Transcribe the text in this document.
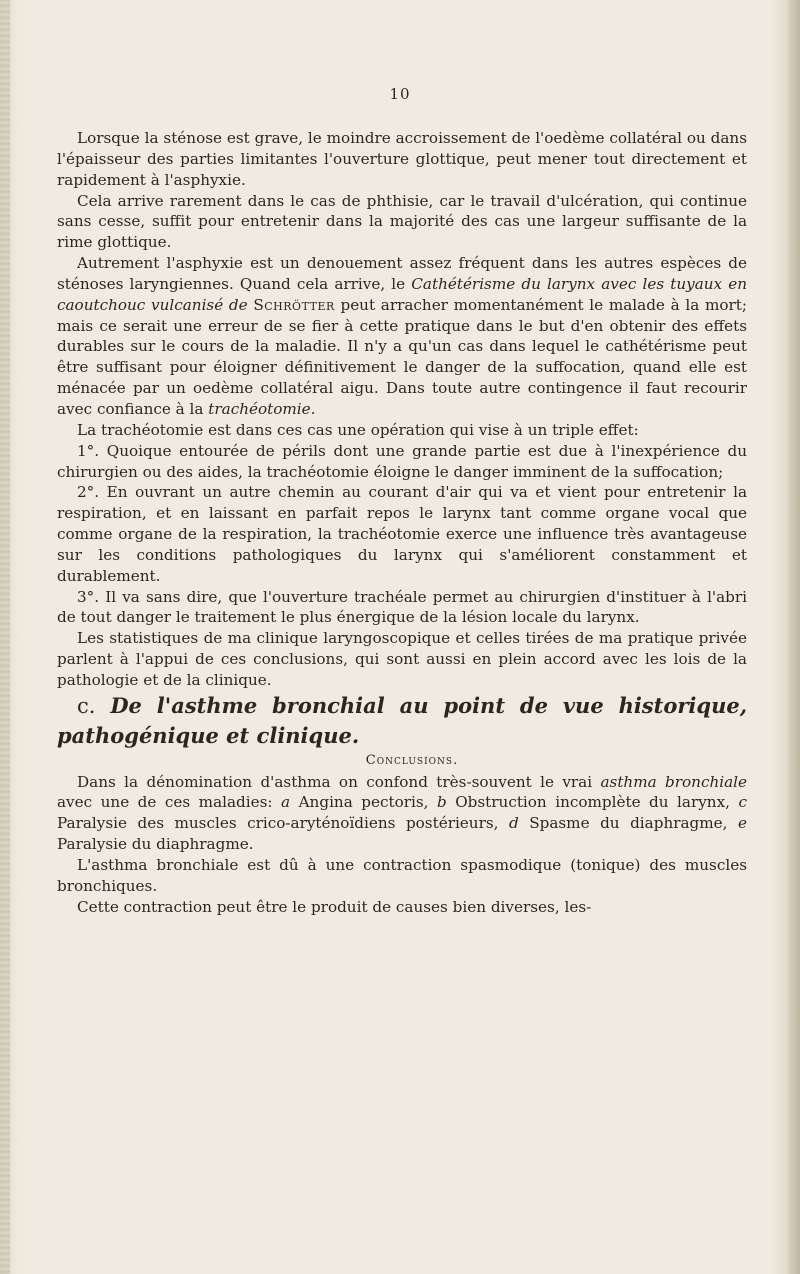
10

Lorsque la sténose est grave, le moindre accroissement de l'oedème collatéral ou dans l'épaisseur des parties limitantes l'ouverture glottique, peut mener tout directement et rapidement à l'asphyxie.

Cela arrive rarement dans le cas de phthisie, car le travail d'ulcération, qui continue sans cesse, suffit pour entretenir dans la majorité des cas une largeur suffisante de la rime glottique.

Autrement l'asphyxie est un denouement assez fréquent dans les autres espèces de sténoses laryngiennes. Quand cela arrive, le Cathétérisme du larynx avec les tuyaux en caoutchouc vulcanisé de Schrötter peut arracher momentanément le malade à la mort; mais ce serait une erreur de se fier à cette pratique dans le but d'en obtenir des effets durables sur le cours de la maladie. Il n'y a qu'un cas dans lequel le cathétérisme peut être suffisant pour éloigner définitivement le danger de la suffocation, quand elle est ménacée par un oedème collatéral aigu. Dans toute autre contingence il faut recourir avec confiance à la trachéotomie.

La trachéotomie est dans ces cas une opération qui vise à un triple effet:

1°. Quoique entourée de périls dont une grande partie est due à l'inexpérience du chirurgien ou des aides, la trachéotomie éloigne le danger imminent de la suffocation;

2°. En ouvrant un autre chemin au courant d'air qui va et vient pour entretenir la respiration, et en laissant en parfait repos le larynx tant comme organe vocal que comme organe de la respiration, la trachéotomie exerce une influence très avantageuse sur les conditions pathologiques du larynx qui s'améliorent constamment et durablement.

3°. Il va sans dire, que l'ouverture trachéale permet au chirurgien d'instituer à l'abri de tout danger le traitement le plus énergique de la lésion locale du larynx.

Les statistiques de ma clinique laryngoscopique et celles tirées de ma pratique privée parlent à l'appui de ces conclusions, qui sont aussi en plein accord avec les lois de la pathologie et de la clinique.

c. De l'asthme bronchial au point de vue historique, pathogénique et clinique.

Conclusions.

Dans la dénomination d'asthma on confond très-souvent le vrai asthma bronchiale avec une de ces maladies: a Angina pectoris, b Obstruction incomplète du larynx, c Paralysie des muscles crico-aryténoïdiens postérieurs, d Spasme du diaphragme, e Paralysie du diaphragme.

L'asthma bronchiale est dû à une contraction spasmodique (tonique) des muscles bronchiques.

Cette contraction peut être le produit de causes bien diverses, les-
